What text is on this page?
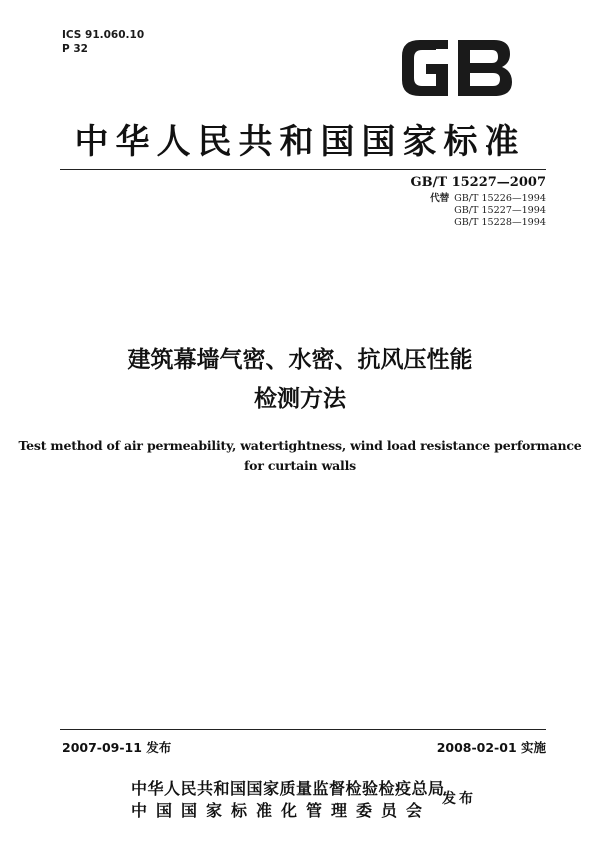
ICS 91.060.10
P 32
中华人民共和国国家标准
GB/T 15227—2007
代替 GB/T 15226—1994
GB/T 15227—1994
GB/T 15228—1994
建筑幕墙气密、水密、抗风压性能
检测方法
Test method of air permeability, watertightness, wind load resistance performance
for curtain walls
2007-09-11 发布	2008-02-01 实施
中华人民共和国国家质量监督检验检疫总局
中国国家标准化管理委员会
发布
